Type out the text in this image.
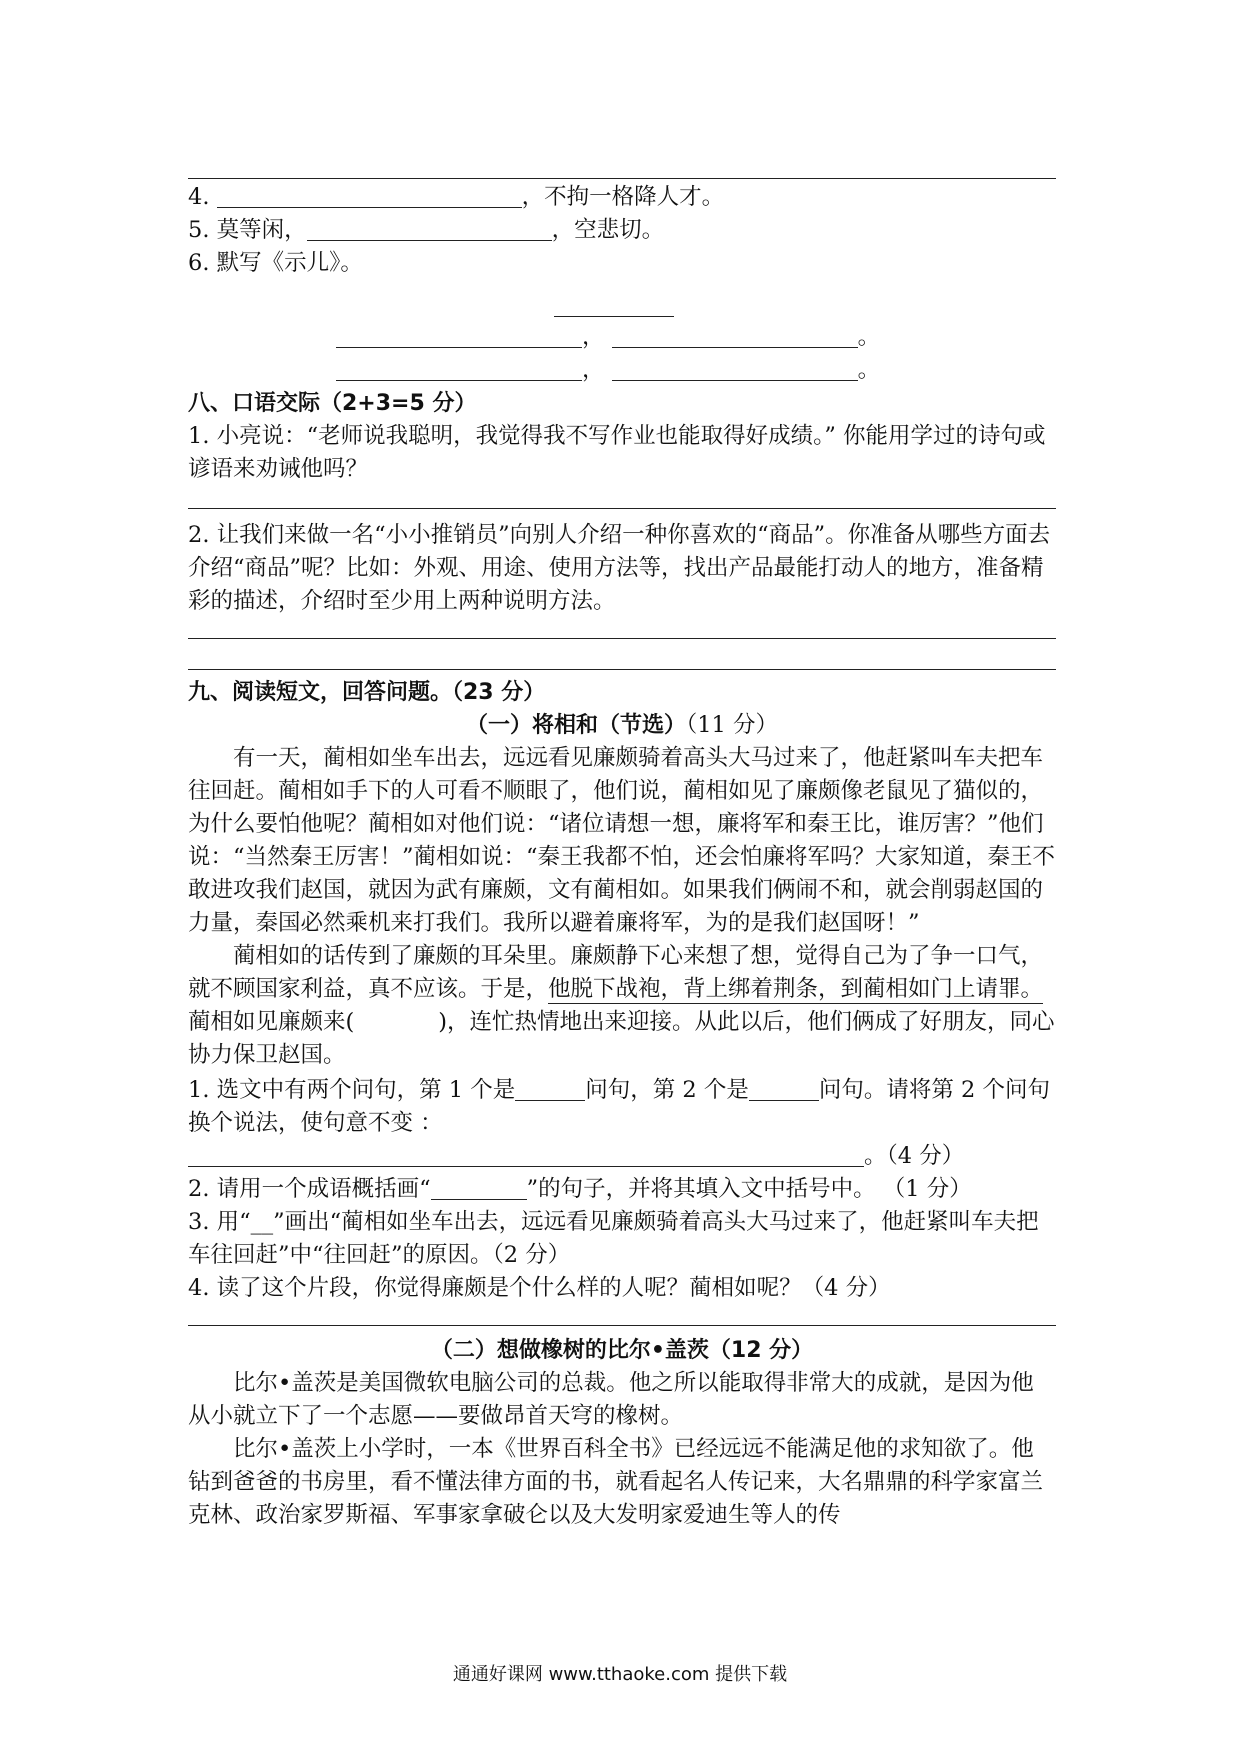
4.	，不拘一格降人才。
5. 莫等闲，	，空悲切。
6. 默写《示儿》。
，	。
，	。
八、口语交际（2+3=5 分）
1. 小亮说：“老师说我聪明，我觉得我不写作业也能取得好成绩。” 你能用学过的诗句或谚语来劝诫他吗？
2. 让我们来做一名“小小推销员”向别人介绍一种你喜欢的“商品”。你准备从哪些方面去介绍“商品”呢？比如：外观、用途、使用方法等，找出产品最能打动人的地方，准备精彩的描述，介绍时至少用上两种说明方法。
九、阅读短文，回答问题。（23 分）
（一）将相和（节选）（11 分）

有一天，蔺相如坐车出去，远远看见廉颇骑着高头大马过来了，他赶紧叫车夫把车往回赶。蔺相如手下的人可看不顺眼了，他们说，蔺相如见了廉颇像老鼠见了猫似的，为什么要怕他呢？蔺相如对他们说：“诸位请想一想，廉将军和秦王比，谁厉害？”他们说：“当然秦王厉害！”蔺相如说：“秦王我都不怕，还会怕廉将军吗？大家知道，秦王不敢进攻我们赵国，就因为武有廉颇，文有蔺相如。如果我们俩闹不和，就会削弱赵国的力量，秦国必然乘机来打我们。我所以避着廉将军，为的是我们赵国呀！”

蔺相如的话传到了廉颇的耳朵里。廉颇静下心来想了想，觉得自己为了争一口气，就不顾国家利益，真不应该。于是，他脱下战袍，背上绑着荆条，到蔺相如门上请罪。蔺相如见廉颇来(	)，连忙热情地出来迎接。从此以后，他们俩成了好朋友，同心协力保卫赵国。

1. 选文中有两个问句，第 1 个是	问句，第 2 个是	问句。请将第 2 个问句换个说法，使句意不变 ：
。（4 分）
2. 请用一个成语概括画“	”的句子，并将其填入文中括号中。 （1 分）
3. 用“__”画出“蔺相如坐车出去，远远看见廉颇骑着高头大马过来了，他赶紧叫车夫把车往回赶”中“往回赶”的原因。（2 分）
4. 读了这个片段，你觉得廉颇是个什么样的人呢？蔺相如呢？（4 分）
（二）想做橡树的比尔•盖茨（12 分）

比尔•盖茨是美国微软电脑公司的总裁。他之所以能取得非常大的成就，是因为他从小就立下了一个志愿——要做昂首天穹的橡树。

比尔•盖茨上小学时，一本《世界百科全书》已经远远不能满足他的求知欲了。他钻到爸爸的书房里，看不懂法律方面的书，就看起名人传记来，大名鼎鼎的科学家富兰克林、政治家罗斯福、军事家拿破仑以及大发明家爱迪生等人的传

通通好课网 www.tthaoke.com 提供下载
